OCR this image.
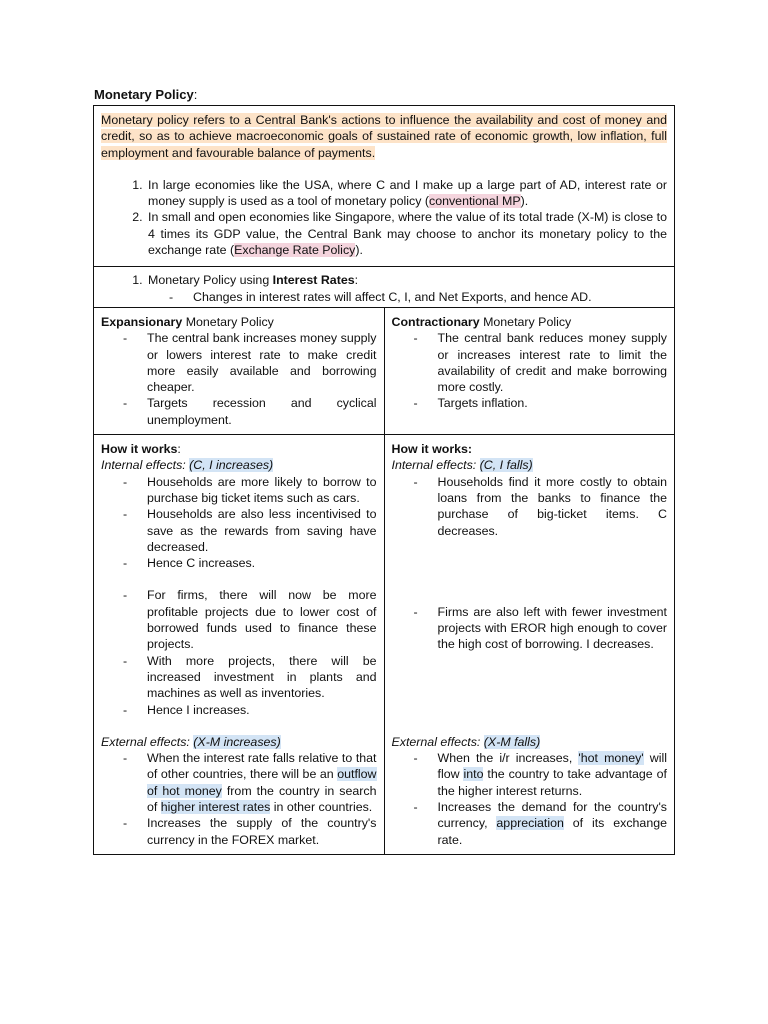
Monetary Policy:
Monetary policy refers to a Central Bank's actions to influence the availability and cost of money and credit, so as to achieve macroeconomic goals of sustained rate of economic growth, low inflation, full employment and favourable balance of payments.
1. In large economies like the USA, where C and I make up a large part of AD, interest rate or money supply is used as a tool of monetary policy (conventional MP).
2. In small and open economies like Singapore, where the value of its total trade (X-M) is close to 4 times its GDP value, the Central Bank may choose to anchor its monetary policy to the exchange rate (Exchange Rate Policy).
1. Monetary Policy using Interest Rates:
- Changes in interest rates will affect C, I, and Net Exports, and hence AD.
Expansionary Monetary Policy
- The central bank increases money supply or lowers interest rate to make credit more easily available and borrowing cheaper.
- Targets recession and cyclical unemployment.
Contractionary Monetary Policy
- The central bank reduces money supply or increases interest rate to limit the availability of credit and make borrowing more costly.
- Targets inflation.
How it works:
Internal effects: (C, I increases)
- Households are more likely to borrow to purchase big ticket items such as cars.
- Households are also less incentivised to save as the rewards from saving have decreased.
- Hence C increases.
- For firms, there will now be more profitable projects due to lower cost of borrowed funds used to finance these projects.
- With more projects, there will be increased investment in plants and machines as well as inventories.
- Hence I increases.
External effects: (X-M increases)
- When the interest rate falls relative to that of other countries, there will be an outflow of hot money from the country in search of higher interest rates in other countries.
- Increases the supply of the country's currency in the FOREX market.
How it works:
Internal effects: (C, I falls)
- Households find it more costly to obtain loans from the banks to finance the purchase of big-ticket items. C decreases.
- Firms are also left with fewer investment projects with EROR high enough to cover the high cost of borrowing. I decreases.
External effects: (X-M falls)
- When the i/r increases, 'hot money' will flow into the country to take advantage of the higher interest returns.
- Increases the demand for the country's currency, appreciation of its exchange rate.
